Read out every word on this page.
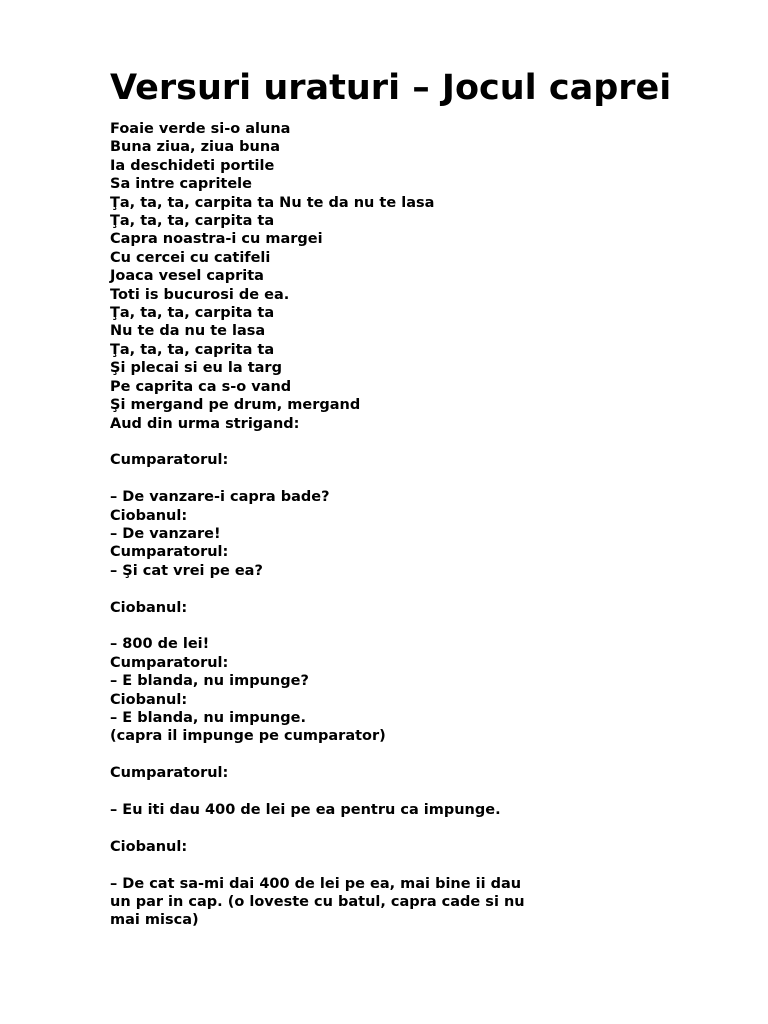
Versuri uraturi – Jocul caprei
Foaie verde si-o aluna
Buna ziua, ziua buna
Ia deschideti portile
Sa intre capritele
Ţa, ta, ta, carpita ta Nu te da nu te lasa
Ţa, ta, ta, carpita ta
Capra noastra-i cu margei
Cu cercei cu catifeli
Joaca vesel caprita
Toti is bucurosi de ea.
Ţa, ta, ta, carpita ta
Nu te da nu te lasa
Ţa, ta, ta, caprita ta
Şi plecai si eu la targ
Pe caprita ca s-o vand
Şi mergand pe drum, mergand
Aud din urma strigand:
Cumparatorul:
– De vanzare-i capra bade?
Ciobanul:
– De vanzare!
Cumparatorul:
– Şi cat vrei pe ea?
Ciobanul:
– 800 de lei!
Cumparatorul:
– E blanda, nu impunge?
Ciobanul:
– E blanda, nu impunge.
(capra il impunge pe cumparator)
Cumparatorul:
– Eu iti dau 400 de lei pe ea pentru ca impunge.
Ciobanul:
– De cat sa-mi dai 400 de lei pe ea, mai bine ii dau
un par in cap. (o loveste cu batul, capra cade si nu
mai misca)
